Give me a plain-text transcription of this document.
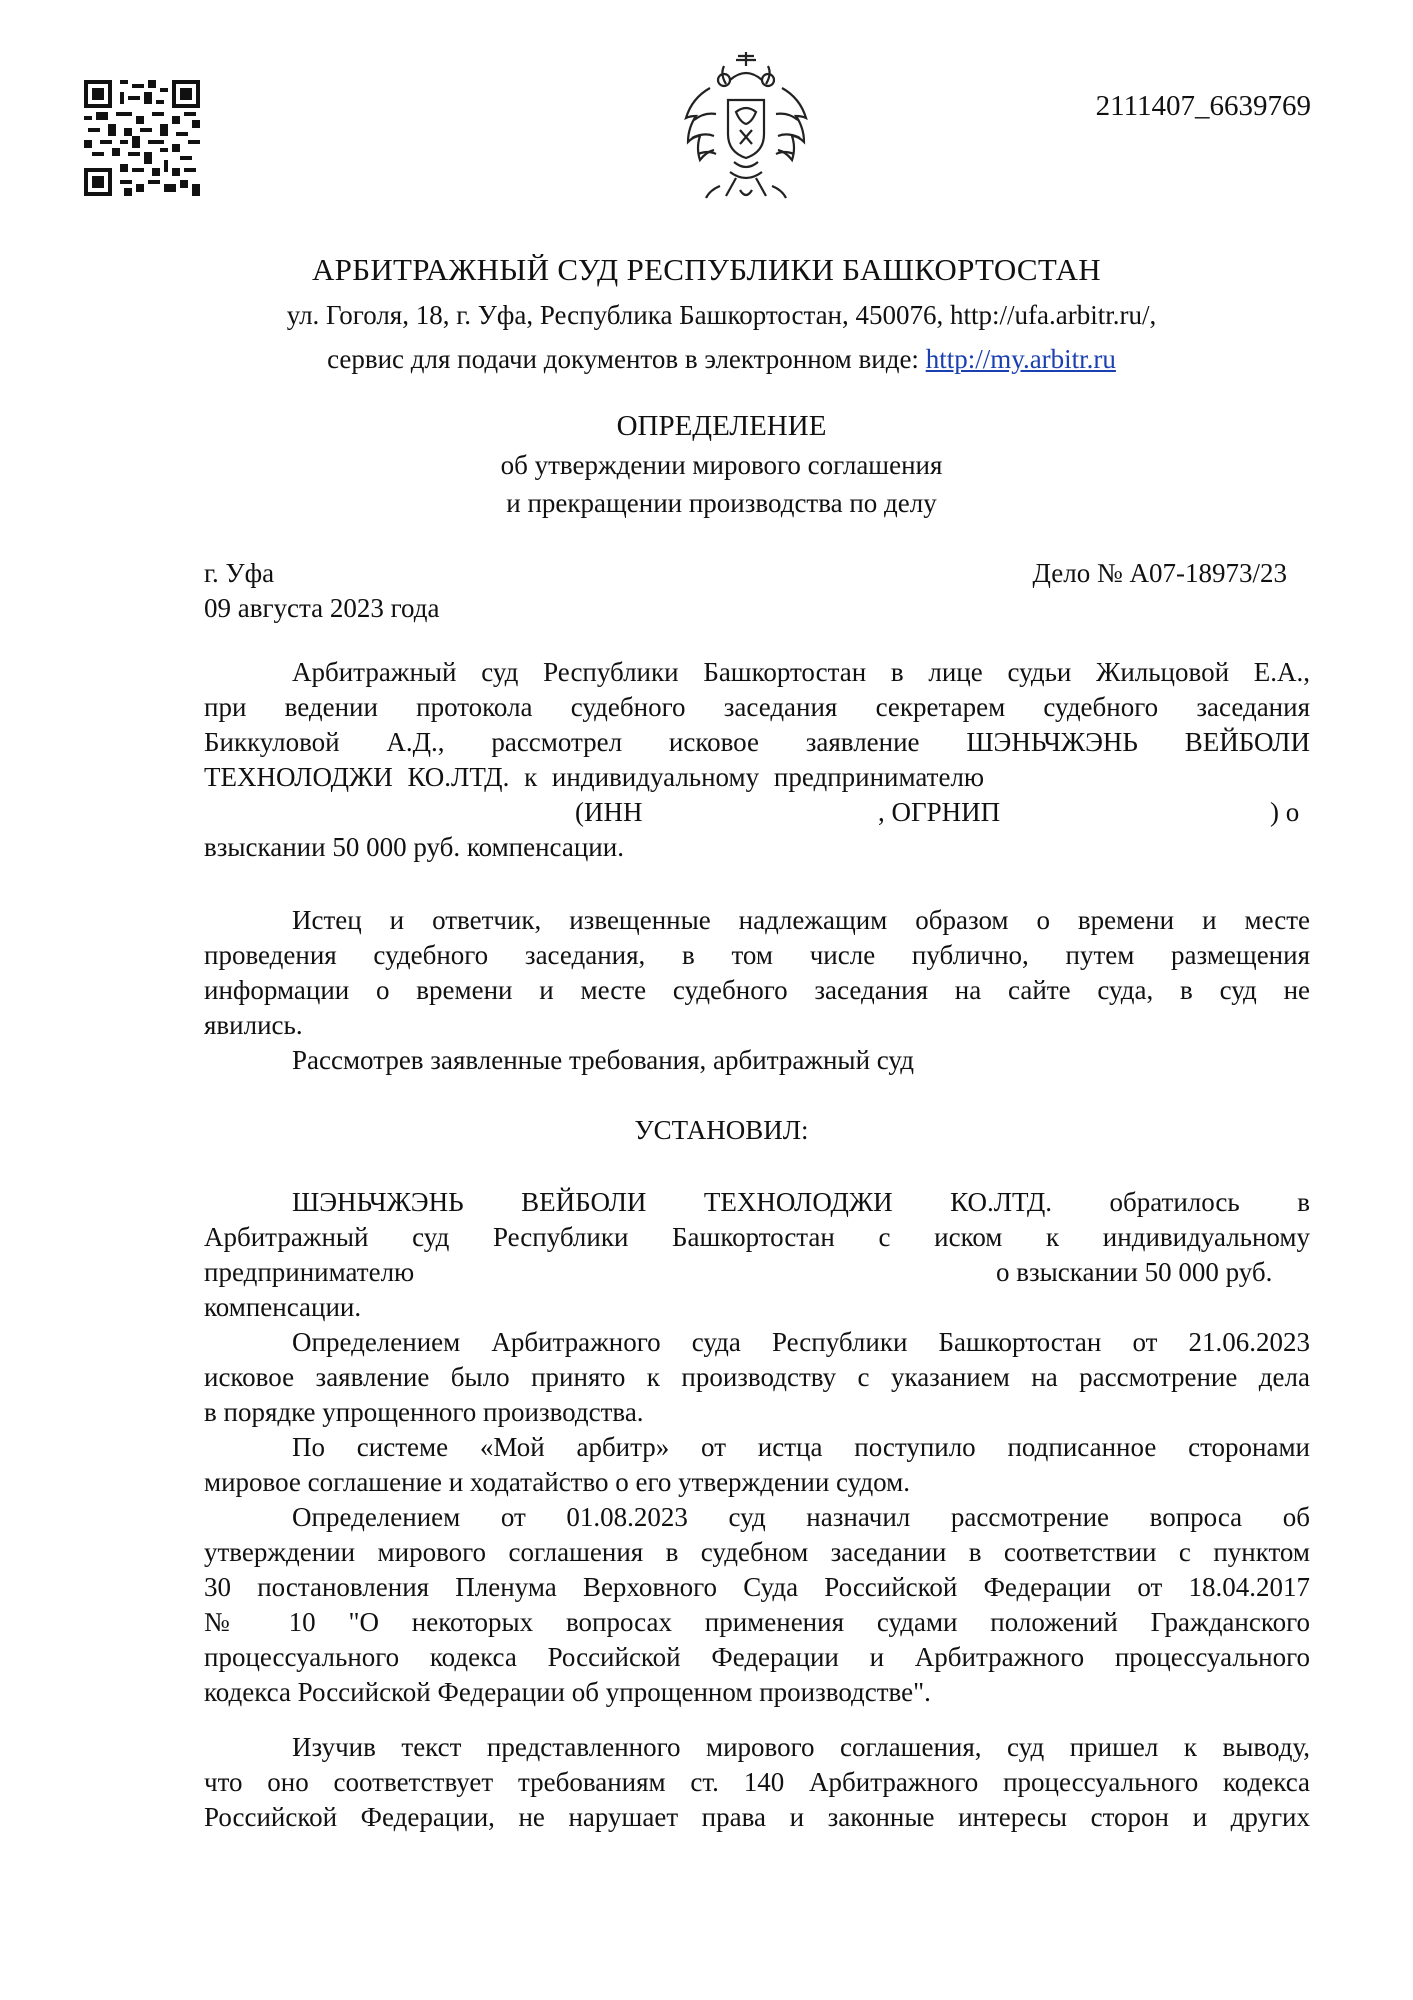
2111407_6639769
АРБИТРАЖНЫЙ СУД РЕСПУБЛИКИ БАШКОРТОСТАН
ул. Гоголя, 18, г. Уфа, Республика Башкортостан, 450076, http://ufa.arbitr.ru/,
сервис для подачи документов в электронном виде: http://my.arbitr.ru
ОПРЕДЕЛЕНИЕ
об утверждении мирового соглашения
и прекращении производства по делу
г. Уфа
09 августа 2023 года
Дело № А07-18973/23
Арбитражный суд Республики Башкортостан в лице судьи Жильцовой Е.А.,
при ведении протокола судебного заседания секретарем судебного заседания
Биккуловой А.Д., рассмотрел исковое заявление ШЭНЬЧЖЭНЬ ВЕЙБОЛИ
ТЕХНОЛОДЖИ КО.ЛТД. к индивидуальному предпринимателю
(ИНН	, ОГРНИП	) о
взыскании 50 000 руб. компенсации.
Истец и ответчик, извещенные надлежащим образом о времени и месте
проведения судебного заседания, в том числе публично, путем размещения
информации о времени и месте судебного заседания на сайте суда, в суд не
явились.
Рассмотрев заявленные требования, арбитражный суд
УСТАНОВИЛ:
ШЭНЬЧЖЭНЬ ВЕЙБОЛИ ТЕХНОЛОДЖИ КО.ЛТД. обратилось в
Арбитражный суд Республики Башкортостан с иском к индивидуальному
предпринимателю	о взыскании 50 000 руб.
компенсации.
Определением Арбитражного суда Республики Башкортостан от 21.06.2023
исковое заявление было принято к производству с указанием на рассмотрение дела
в порядке упрощенного производства.
По системе «Мой арбитр» от истца поступило подписанное сторонами
мировое соглашение и ходатайство о его утверждении судом.
Определением от 01.08.2023 суд назначил рассмотрение вопроса об
утверждении мирового соглашения в судебном заседании в соответствии с пунктом
30 постановления Пленума Верховного Суда Российской Федерации от 18.04.2017
№ 10 "О некоторых вопросах применения судами положений Гражданского
процессуального кодекса Российской Федерации и Арбитражного процессуального
кодекса Российской Федерации об упрощенном производстве".
Изучив текст представленного мирового соглашения, суд пришел к выводу,
что оно соответствует требованиям ст. 140 Арбитражного процессуального кодекса
Российской Федерации, не нарушает права и законные интересы сторон и других
